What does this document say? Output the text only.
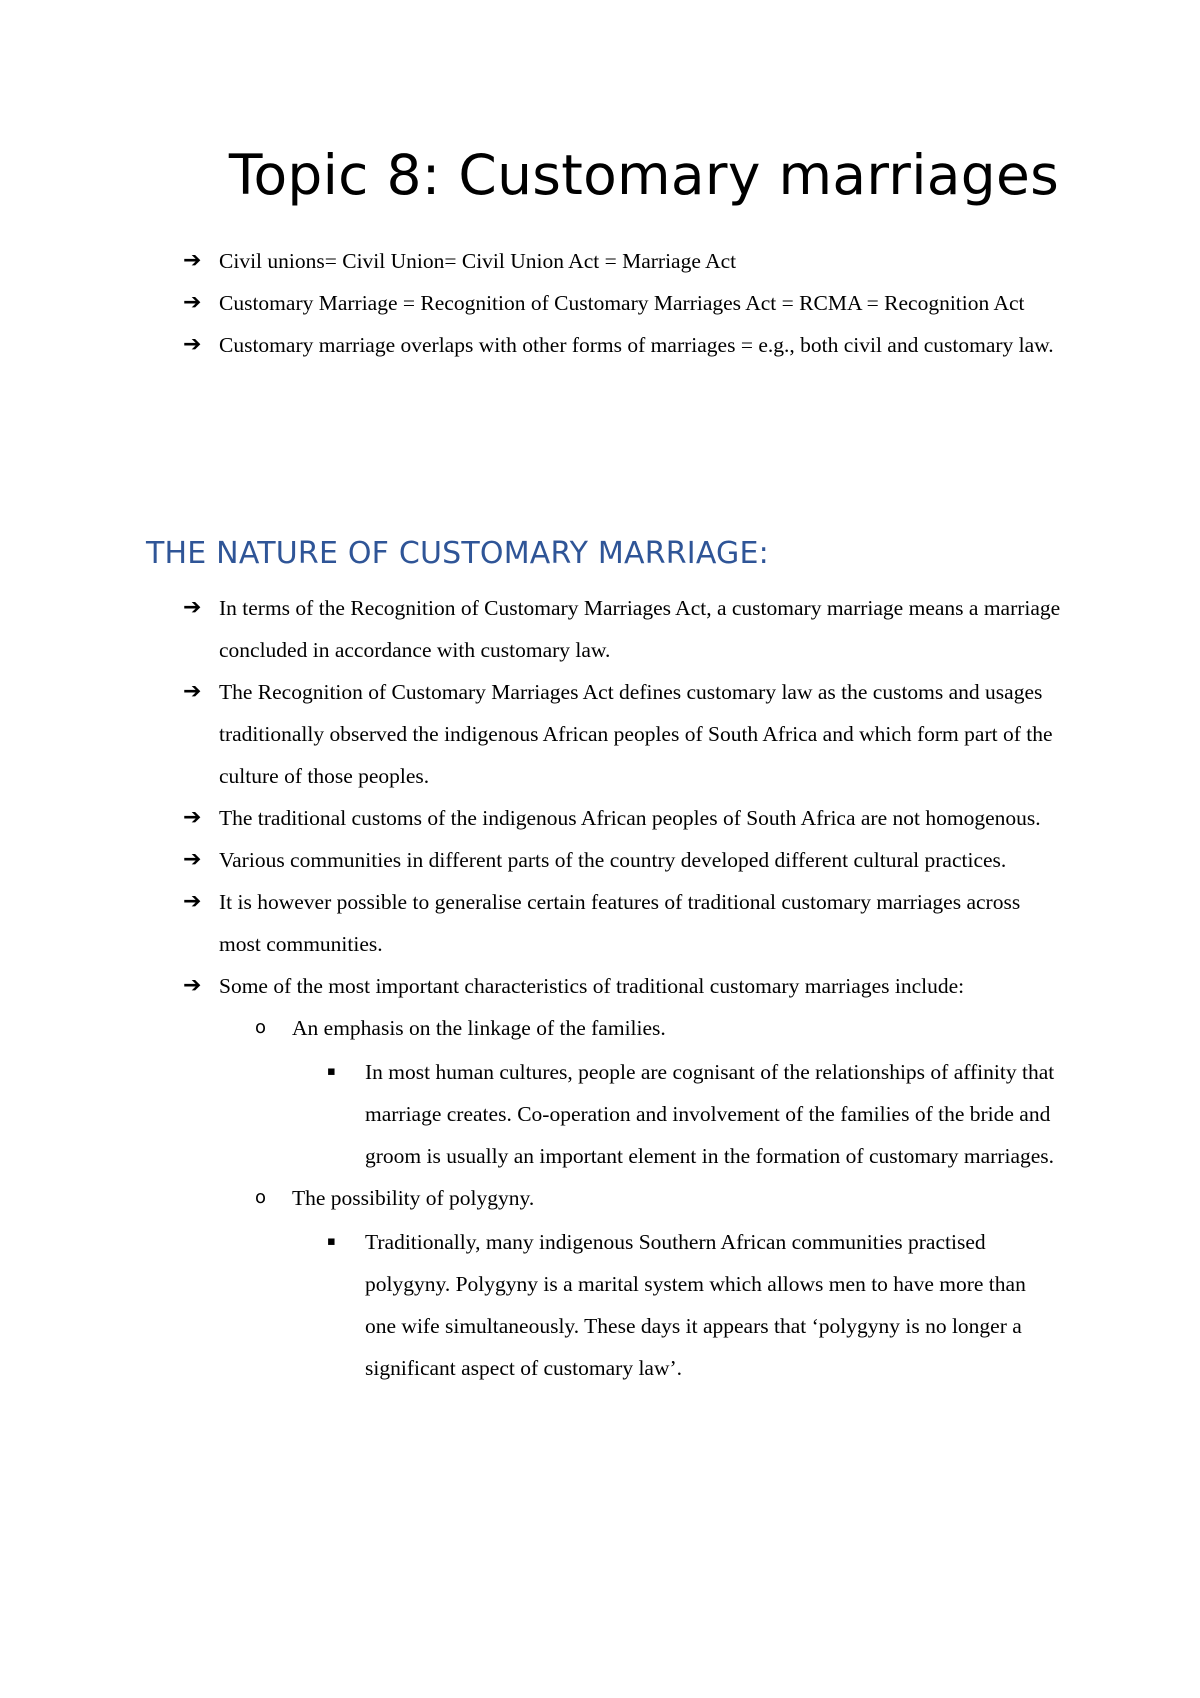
Topic 8: Customary marriages
➔ Civil unions= Civil Union= Civil Union Act = Marriage Act
➔ Customary Marriage = Recognition of Customary Marriages Act = RCMA = Recognition Act
➔ Customary marriage overlaps with other forms of marriages = e.g., both civil and customary law.
THE NATURE OF CUSTOMARY MARRIAGE:
➔ In terms of the Recognition of Customary Marriages Act, a customary marriage means a marriage concluded in accordance with customary law.
➔ The Recognition of Customary Marriages Act defines customary law as the customs and usages traditionally observed the indigenous African peoples of South Africa and which form part of the culture of those peoples.
➔ The traditional customs of the indigenous African peoples of South Africa are not homogenous.
➔ Various communities in different parts of the country developed different cultural practices.
➔ It is however possible to generalise certain features of traditional customary marriages across most communities.
➔ Some of the most important characteristics of traditional customary marriages include:
o An emphasis on the linkage of the families.
▪ In most human cultures, people are cognisant of the relationships of affinity that marriage creates. Co-operation and involvement of the families of the bride and groom is usually an important element in the formation of customary marriages.
o The possibility of polygyny.
▪ Traditionally, many indigenous Southern African communities practised polygyny. Polygyny is a marital system which allows men to have more than one wife simultaneously. These days it appears that ‘polygyny is no longer a significant aspect of customary law’.
